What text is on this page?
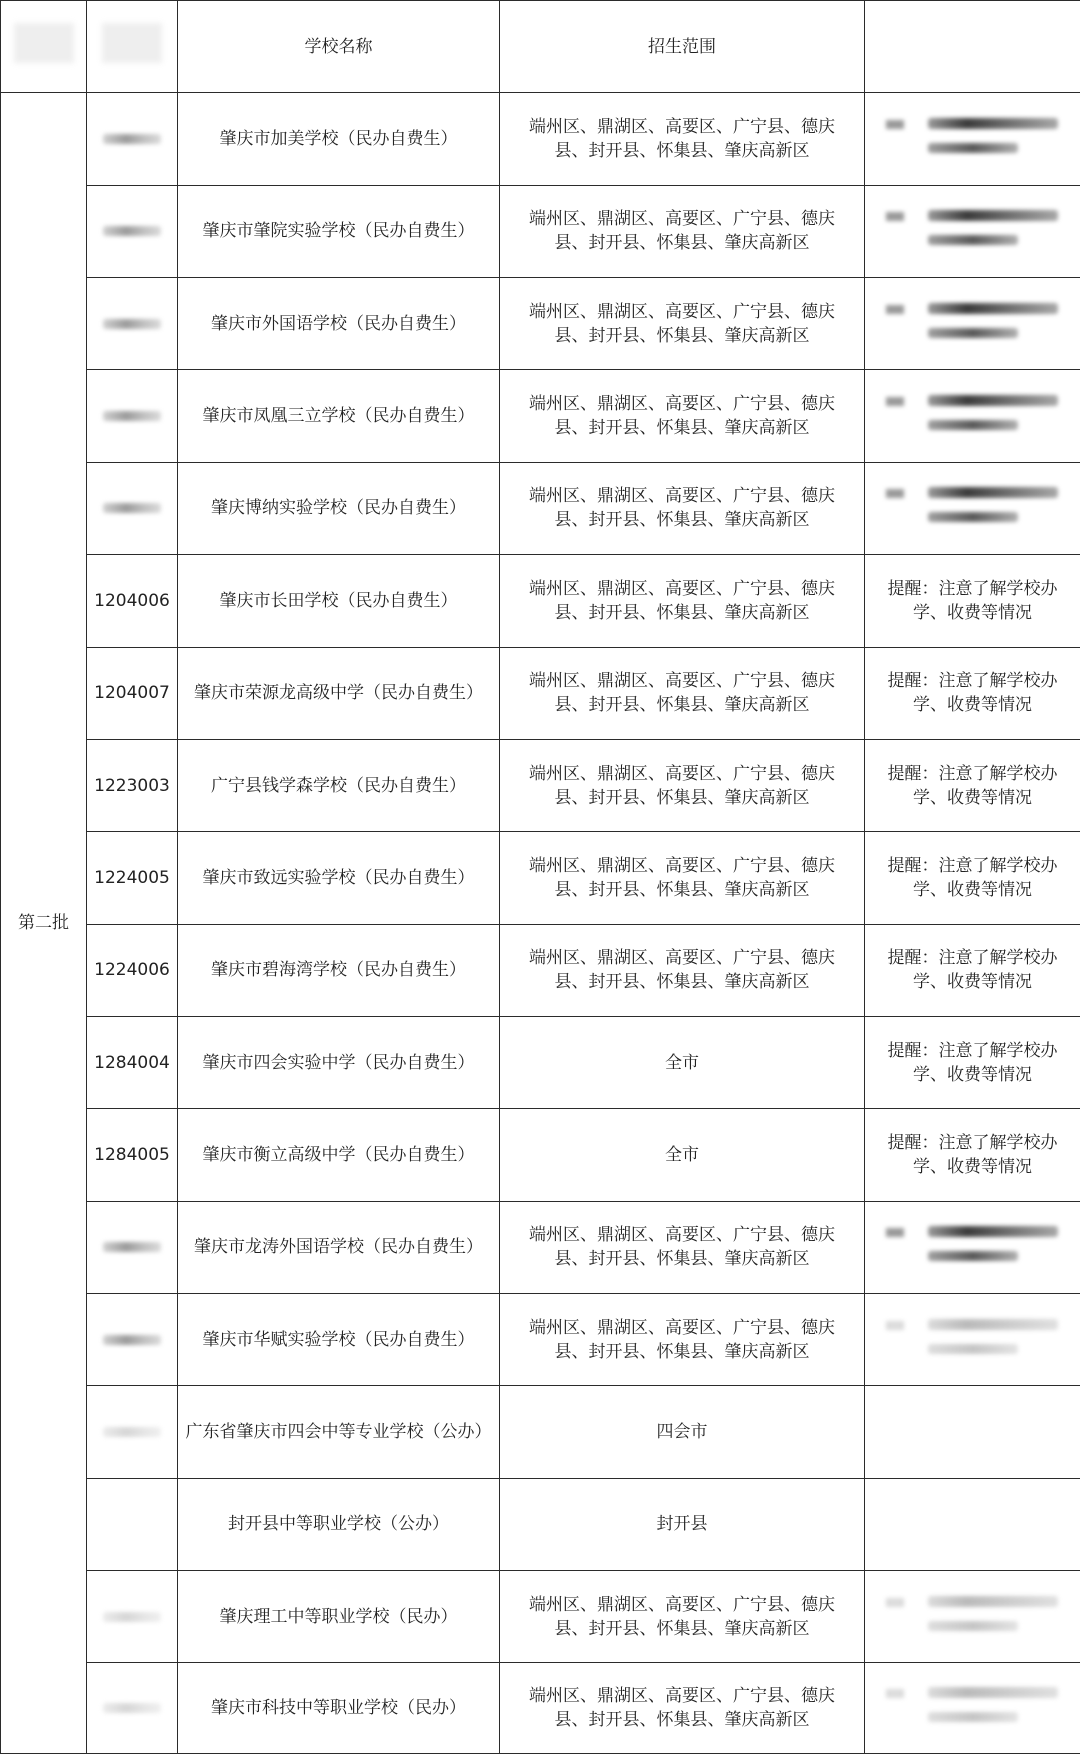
		学校名称	招生范围	
第二批		肇庆市加美学校（民办自费生）	端州区、鼎湖区、高要区、广宁县、德庆县、封开县、怀集县、肇庆高新区	

		肇庆市肇院实验学校（民办自费生）	端州区、鼎湖区、高要区、广宁县、德庆县、封开县、怀集县、肇庆高新区	

		肇庆市外国语学校（民办自费生）	端州区、鼎湖区、高要区、广宁县、德庆县、封开县、怀集县、肇庆高新区	

		肇庆市凤凰三立学校（民办自费生）	端州区、鼎湖区、高要区、广宁县、德庆县、封开县、怀集县、肇庆高新区	

		肇庆博纳实验学校（民办自费生）	端州区、鼎湖区、高要区、广宁县、德庆县、封开县、怀集县、肇庆高新区	

	1204006	肇庆市长田学校（民办自费生）	端州区、鼎湖区、高要区、广宁县、德庆县、封开县、怀集县、肇庆高新区	提醒：注意了解学校办学、收费等情况
	1204007	肇庆市荣源龙高级中学（民办自费生）	端州区、鼎湖区、高要区、广宁县、德庆县、封开县、怀集县、肇庆高新区	提醒：注意了解学校办学、收费等情况
	1223003	广宁县钱学森学校（民办自费生）	端州区、鼎湖区、高要区、广宁县、德庆县、封开县、怀集县、肇庆高新区	提醒：注意了解学校办学、收费等情况
	1224005	肇庆市致远实验学校（民办自费生）	端州区、鼎湖区、高要区、广宁县、德庆县、封开县、怀集县、肇庆高新区	提醒：注意了解学校办学、收费等情况
	1224006	肇庆市碧海湾学校（民办自费生）	端州区、鼎湖区、高要区、广宁县、德庆县、封开县、怀集县、肇庆高新区	提醒：注意了解学校办学、收费等情况
	1284004	肇庆市四会实验中学（民办自费生）	全市	提醒：注意了解学校办学、收费等情况
	1284005	肇庆市衡立高级中学（民办自费生）	全市	提醒：注意了解学校办学、收费等情况
		肇庆市龙涛外国语学校（民办自费生）	端州区、鼎湖区、高要区、广宁县、德庆县、封开县、怀集县、肇庆高新区	

		肇庆市华赋实验学校（民办自费生）	端州区、鼎湖区、高要区、广宁县、德庆县、封开县、怀集县、肇庆高新区	

		广东省肇庆市四会中等专业学校（公办）	四会市	
		封开县中等职业学校（公办）	封开县	
		肇庆理工中等职业学校（民办）	端州区、鼎湖区、高要区、广宁县、德庆县、封开县、怀集县、肇庆高新区	

		肇庆市科技中等职业学校（民办）	端州区、鼎湖区、高要区、广宁县、德庆县、封开县、怀集县、肇庆高新区	
